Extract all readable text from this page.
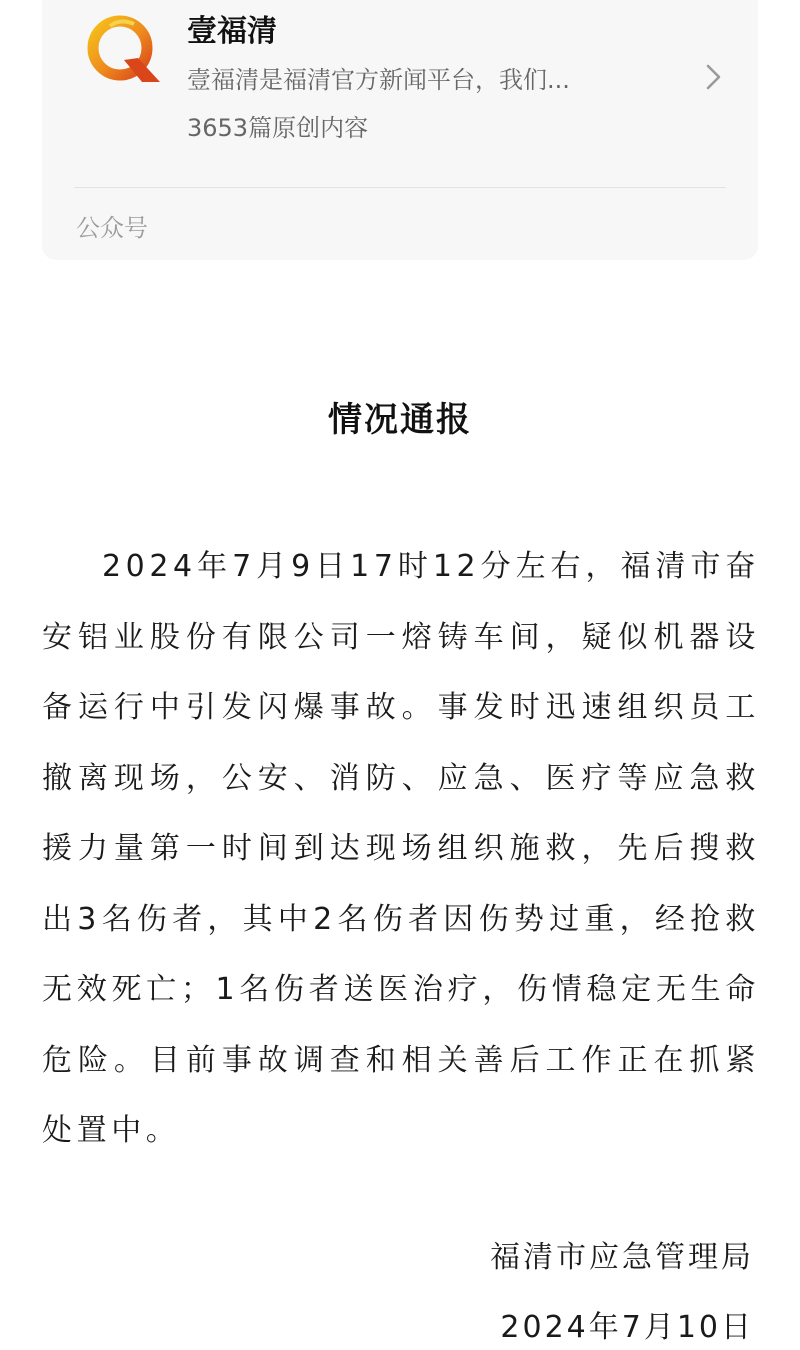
壹福清
壹福清是福清官方新闻平台，我们...
3653篇原创内容
公众号
情况通报
2024年7月9日17时12分左右，福清市奋安铝业股份有限公司一熔铸车间，疑似机器设备运行中引发闪爆事故。事发时迅速组织员工撤离现场，公安、消防、应急、医疗等应急救援力量第一时间到达现场组织施救，先后搜救出3名伤者，其中2名伤者因伤势过重，经抢救无效死亡；1名伤者送医治疗，伤情稳定无生命危险。目前事故调查和相关善后工作正在抓紧处置中。
福清市应急管理局
2024年7月10日
